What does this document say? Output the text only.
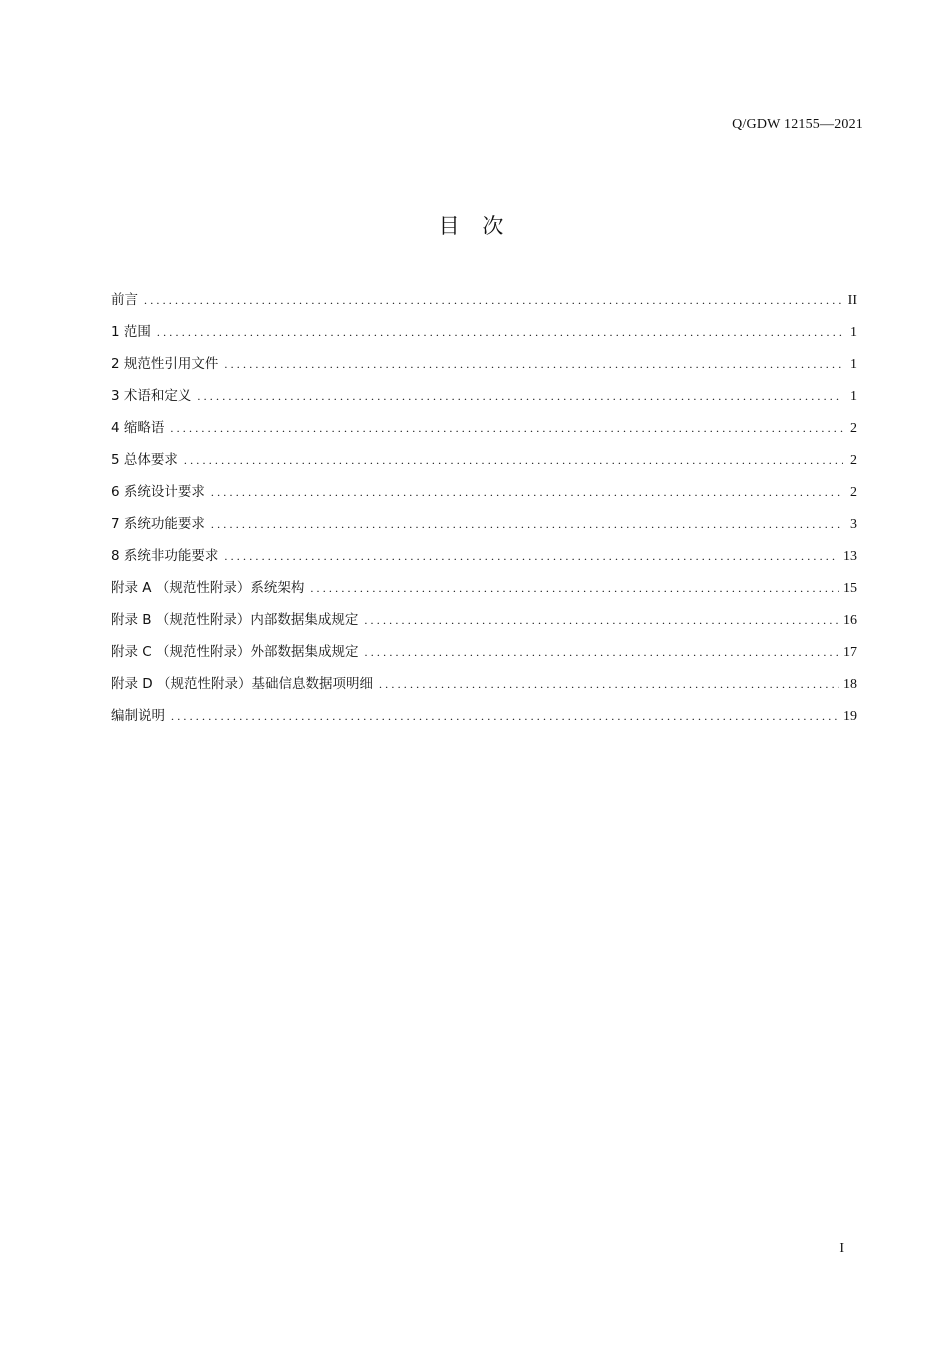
Q/GDW 12155—2021
目 次
前言 .....	II
1 范围 .....	1
2 规范性引用文件 .....	1
3 术语和定义 .....	1
4 缩略语 .....	2
5 总体要求 .....	2
6 系统设计要求 .....	2
7 系统功能要求 .....	3
8 系统非功能要求 .....	13
附录 A （规范性附录）系统架构 .....	15
附录 B （规范性附录）内部数据集成规定 .....	16
附录 C （规范性附录）外部数据集成规定 .....	17
附录 D （规范性附录）基础信息数据项明细 .....	18
编制说明 .....	19
I
